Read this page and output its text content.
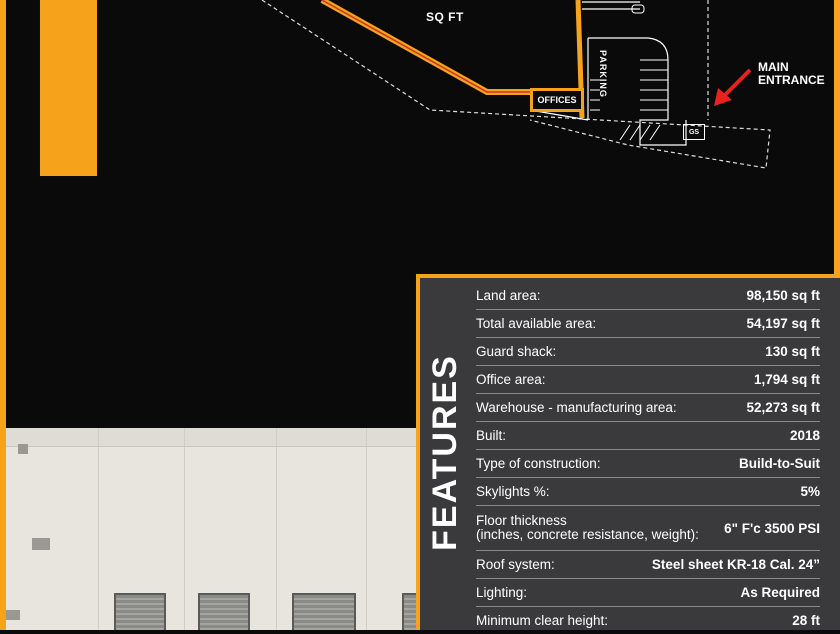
SQ FT
MAIN
ENTRANCE
OFFICES
PARKING
GS
FEATURES
Land area:	98,150 sq ft
Total available area:	54,197 sq ft
Guard shack:	130 sq ft
Office area:	1,794 sq ft
Warehouse - manufacturing area:	52,273 sq ft
Built:	2018
Type of construction:	Build-to-Suit
Skylights %:	5%
Floor thickness
(inches, concrete resistance, weight): 6" F'c 3500 PSI
Roof system:	Steel sheet KR-18 Cal. 24”
Lighting:	As Required
Minimum clear height:	28 ft
